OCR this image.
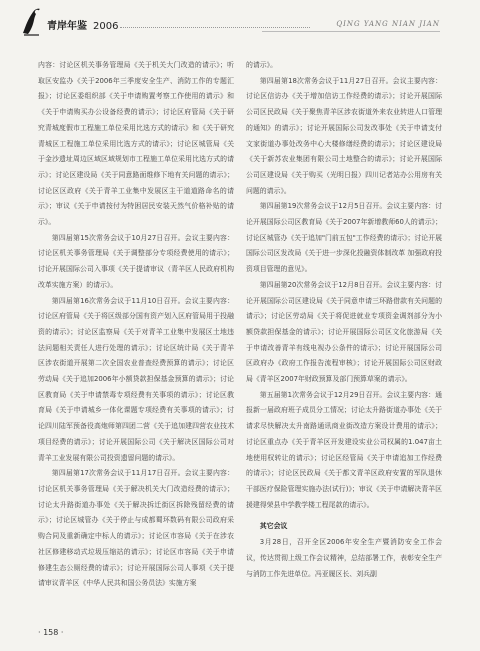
青岸年鉴 2006	QING YANG NIAN JIAN

内容：讨论区机关事务管理局《关于机关大门改造的请示》；听取区安监办《关于2006年三季度安全生产、消防工作的专题汇报》；讨论区委组织部《关于申请购置考察工作使用的请示》和《关于申请购买办公设备经费的请示》；讨论区府管局《关于研究青城度假市工程施工单位采用比选方式的请示》和《关于研究青城区工程施工单位采用比选方式的请示》；讨论区城管局《关于金沙遗址周边区域区域规划市工程施工单位采用比选方式的请示》；讨论区建设局《关于同意路面维修下地有关问题的请示》；讨论区区政府《关于青羊工业集中发展区主干道道路命名的请示》；审议《关于申请按付为特困居民安装天然气价格补贴的请示》。

第四届第15次常务会议于10月27日召开。会议主要内容：讨论区机关事务管理局《关于调整部分专项经费使用的请示》；讨论开展国际公司入事项《关于提请审议（青羊区人民政府机构改革实施方案）的请示》。

第四届第16次常务会议于11月10日召开。会议主要内容：讨论区府管局《关于将区级部分国有资产划入区府管局用于投融资的请示》；讨论区监察局《关于对青羊工业集中发展区土地违法问题相关责任人进行处理的请示》；讨论区统计局《关于青羊区涉农街道开展第二次全国农业普查经费预算的请示》；讨论区劳动局《关于追加2006年小额贷款担保基金预算的请示》；讨论区教育局《关于申请禁毒专项经费有关事项的请示》；讨论区教育局《关于申请城乡一体化课题专项经费有关事项的请示》；讨论四川陆军预备役高炮师第四团二营《关于追加建四营农业技术项目经费的请示》；讨论开展国际公司《关于解决区国际公司对青羊工业发展有限公司投资遗留问题的请示》。

第四届第17次常务会议于11月17日召开。会议主要内容：讨论区机关事务管理局《关于解决机关大门改造经费的请示》；讨论太升路街道办事处《关于解决拆迁街区拆除残留经费的请示》；讨论区城管办《关于停止与成都蜀环数码有限公司政府采购合同及重新确定中标人的请示》；讨论区市容局《关于在涉农社区修建移动式垃圾压缩站的请示》；讨论区市容局《关于申请修建生态公厕经费的请示》；讨论开展国际公司人事项《关于提请审议青羊区《中华人民共和国公务员法》实施方案

的请示》。

第四届第18次常务会议于11月27日召开。会议主要内容：讨论区信访办《关于增加信访工作经费的请示》；讨论开展国际公司区民政局《关于聚焦青羊区涉农街道外来农业转进人口管理的通知》的请示》；讨论开展国际公司发改事处《关于申请支付文家街道办事处改务中心大楼修缮经费的请示》；讨论区建设局《关于新苏农业集团有限公司土地整合的请示》；讨论开展国际公司区建设局《关于购买（光明日报）四川记者站办公用房有关问题的请示》。

第四届第19次常务会议于12月5日召开。会议主要内容：讨论开展国际公司区教育局《关于2007年新增教师60人的请示》；讨论区城管办《关于追加"门前五包"工作经费的请示》；讨论开展国际公司区发改局《关于进一步深化投融资体制改革 加强政府投资项目管理的意见》。

第四届第20次常务会议于12月8日召开。会议主要内容：讨论开展国际公司区建设局《关于同意申请三环路借款有关问题的请示》；讨论区劳动局《关于将促进就业专项资金调剂部分为小额贷款担保基金的请示》；讨论开展国际公司区文化旅游局《关于申请改善青羊有线电视办公条件的请示》；讨论开展国际公司区政府办《政府工作报告流程审核》；讨论开展国际公司区财政局《青羊区2007年财政预算及部门预算草案的请示》。

第五届第1次常务会议于12月29日召开。会议主要内容：通报新一届政府班子成员分工情况；讨论太升路街道办事处《关于请求尽快解决太升南路通讯商业街改造方案设计费用的请示》；讨论区重点办《关于青羊区开发建设实业公司权属的1.047亩土地使用权转让的请示》；讨论区经管局《关于申请追加工作经费的请示》；讨论区民政局《关于都文青羊区政府安置的军队退休干部医疗保险管理实施办法(试行)》；审议《关于申请解决青羊区援建得荣县中学教学楼工程尾款的请示》。

其它会议

3月28日，召开全区2006年安全生产暨消防安全工作会议，传达贯彻上级工作会议精神，总结部署工作，表彰安全生产与消防工作先进单位。冯亚履区长、刘兵副

· 158 ·
